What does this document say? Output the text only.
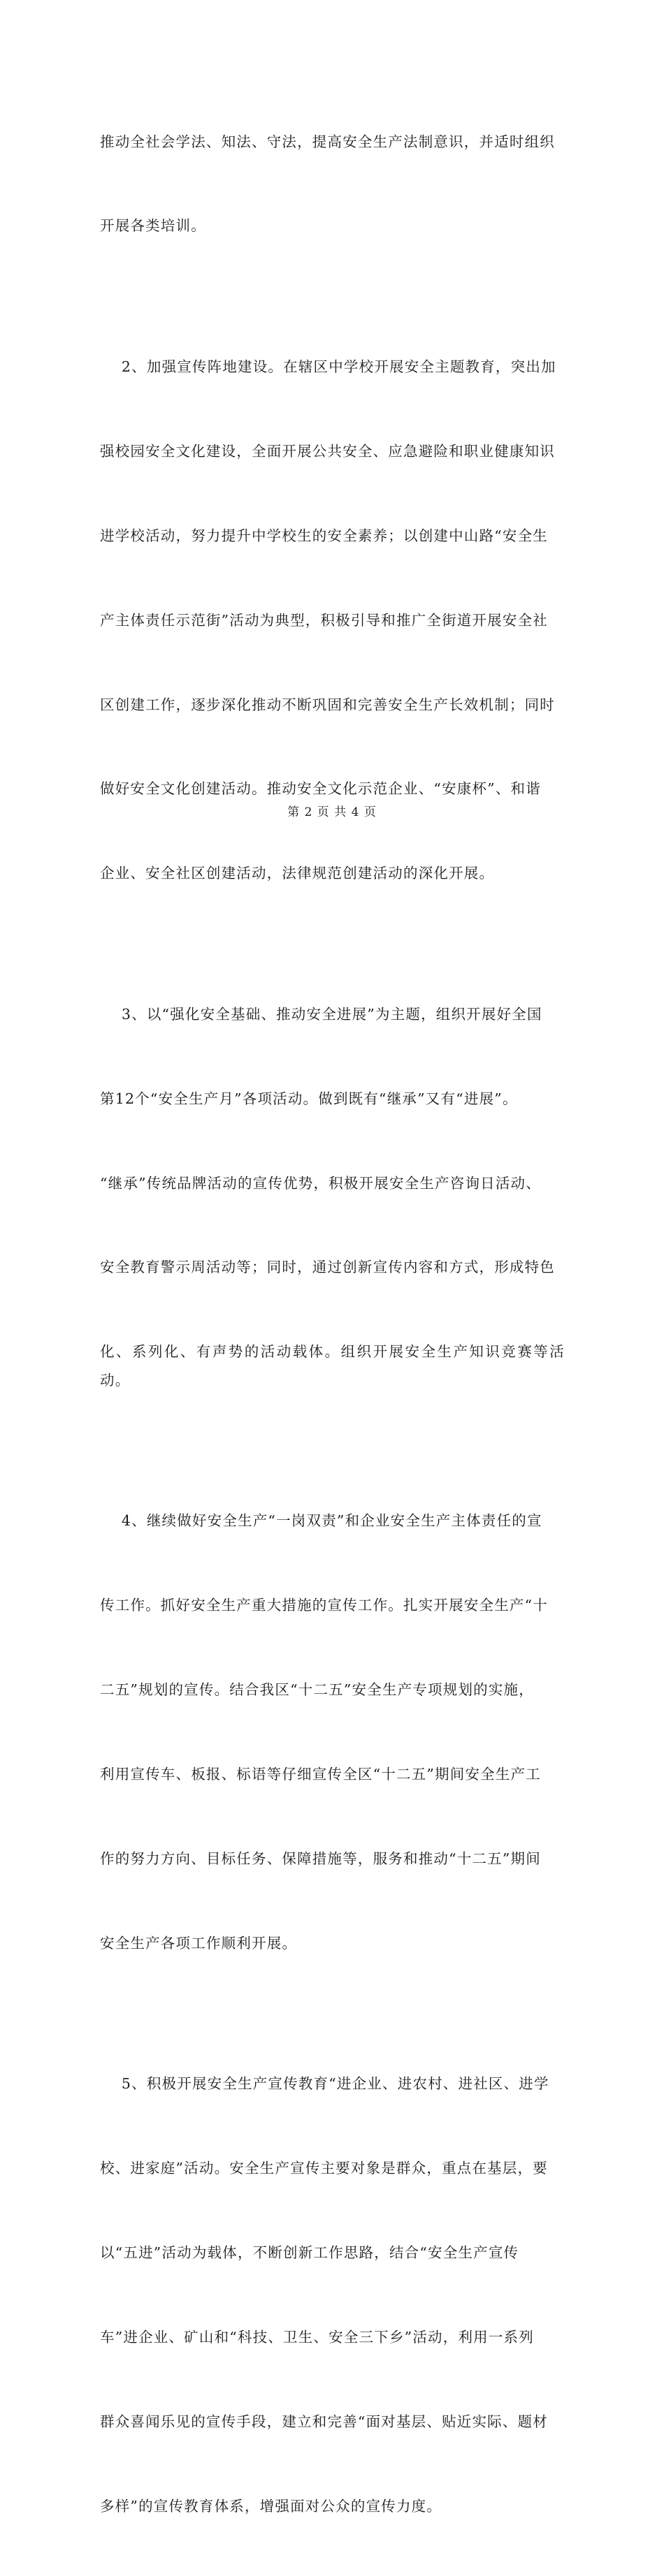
推动全社会学法、知法、守法，提高安全生产法制意识，并适时组织

开展各类培训。

2、加强宣传阵地建设。在辖区中学校开展安全主题教育，突出加

强校园安全文化建设，全面开展公共安全、应急避险和职业健康知识

进学校活动，努力提升中学校生的安全素养；以创建中山路“安全生

产主体责任示范街”活动为典型，积极引导和推广全街道开展安全社

区创建工作，逐步深化推动不断巩固和完善安全生产长效机制；同时

做好安全文化创建活动。推动安全文化示范企业、“安康杯”、和谐

企业、安全社区创建活动，法律规范创建活动的深化开展。

3、以“强化安全基础、推动安全进展”为主题，组织开展好全国

第12个“安全生产月”各项活动。做到既有“继承”又有“进展”。

“继承”传统品牌活动的宣传优势，积极开展安全生产咨询日活动、

安全教育警示周活动等；同时，通过创新宣传内容和方式，形成特色

化、系列化、有声势的活动载体。组织开展安全生产知识竞赛等活动。

4、继续做好安全生产“一岗双责”和企业安全生产主体责任的宣

传工作。抓好安全生产重大措施的宣传工作。扎实开展安全生产“十

二五”规划的宣传。结合我区“十二五”安全生产专项规划的实施，

利用宣传车、板报、标语等仔细宣传全区“十二五”期间安全生产工

作的努力方向、目标任务、保障措施等，服务和推动“十二五”期间

安全生产各项工作顺利开展。

5、积极开展安全生产宣传教育“进企业、进农村、进社区、进学

校、进家庭”活动。安全生产宣传主要对象是群众，重点在基层，要

以“五进”活动为载体，不断创新工作思路，结合“安全生产宣传

车”进企业、矿山和“科技、卫生、安全三下乡”活动，利用一系列

群众喜闻乐见的宣传手段，建立和完善“面对基层、贴近实际、题材

多样”的宣传教育体系，增强面对公众的宣传力度。

第 2 页 共 4 页
